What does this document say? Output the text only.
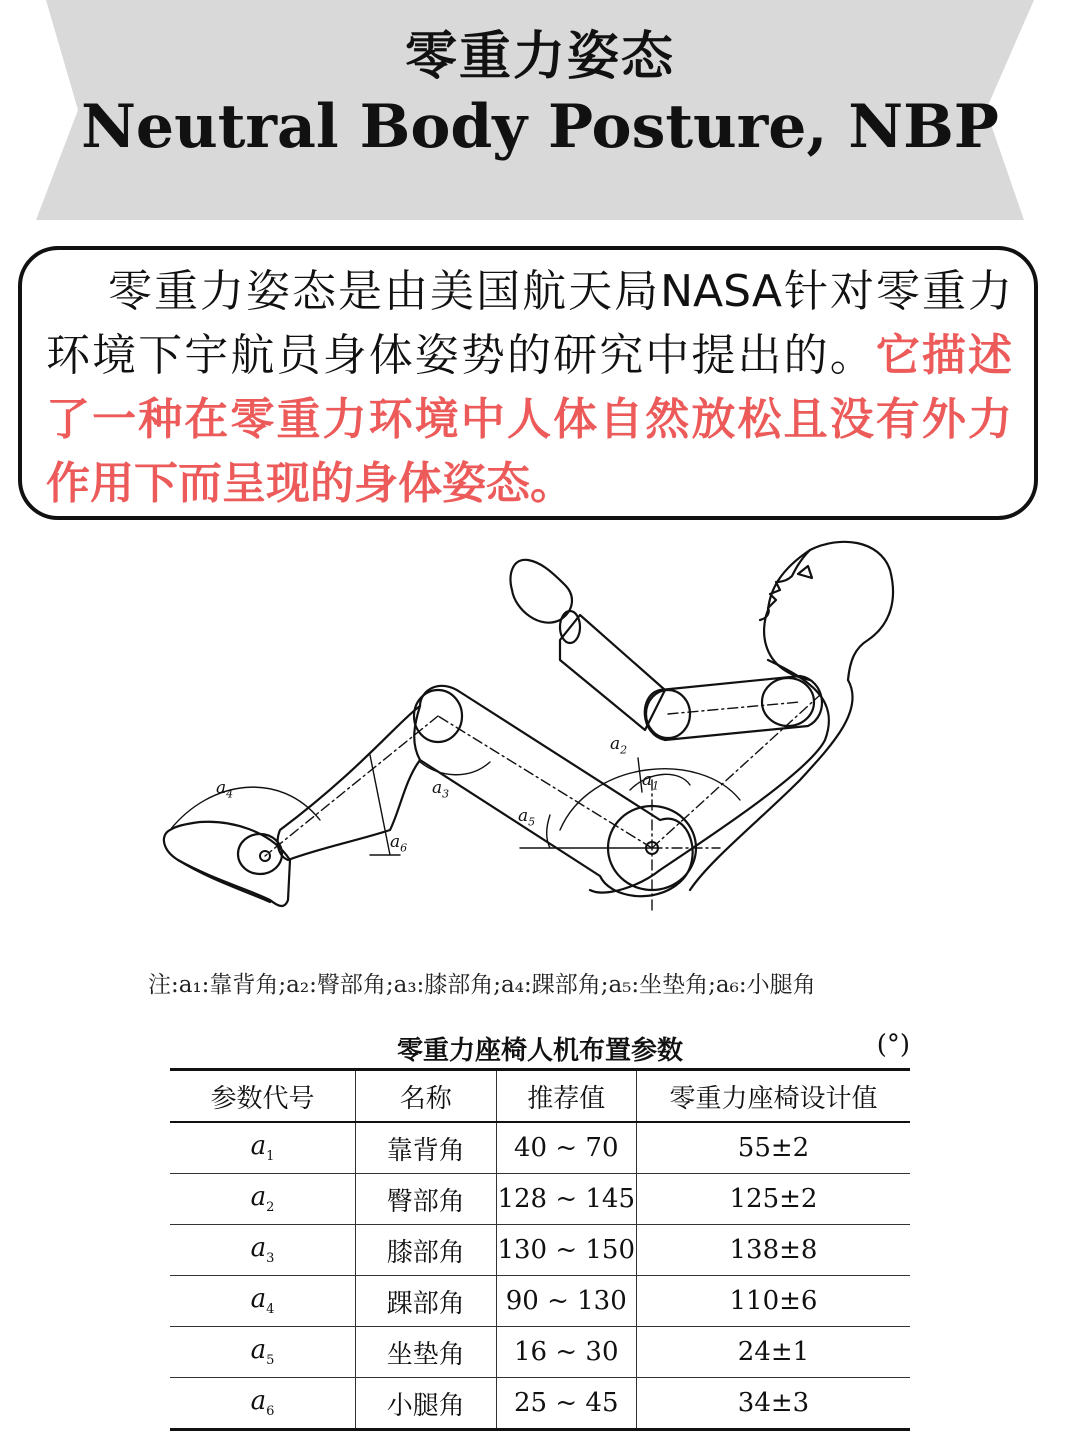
零重力姿态
Neutral Body Posture, NBP
零重力姿态是由美国航天局NASA针对零重力环境下宇航员身体姿势的研究中提出的。它描述了一种在零重力环境中人体自然放松且没有外力作用下而呈现的身体姿态。
$a_4$
$a_6$
$a_3$
$a_5$
$a_2$
$a_1$
注:a₁:靠背角;a₂:臀部角;a₃:膝部角;a₄:踝部角;a₅:坐垫角;a₆:小腿角
零重力座椅人机布置参数	(°)
参数代号	名称	推荐值	零重力座椅设计值
$a_1$	靠背角	40 ~ 70	55±2
$a_2$	臀部角	128 ~ 145	125±2
$a_3$	膝部角	130 ~ 150	138±8
$a_4$	踝部角	90 ~ 130	110±6
$a_5$	坐垫角	16 ~ 30	24±1
$a_6$	小腿角	25 ~ 45	34±3
